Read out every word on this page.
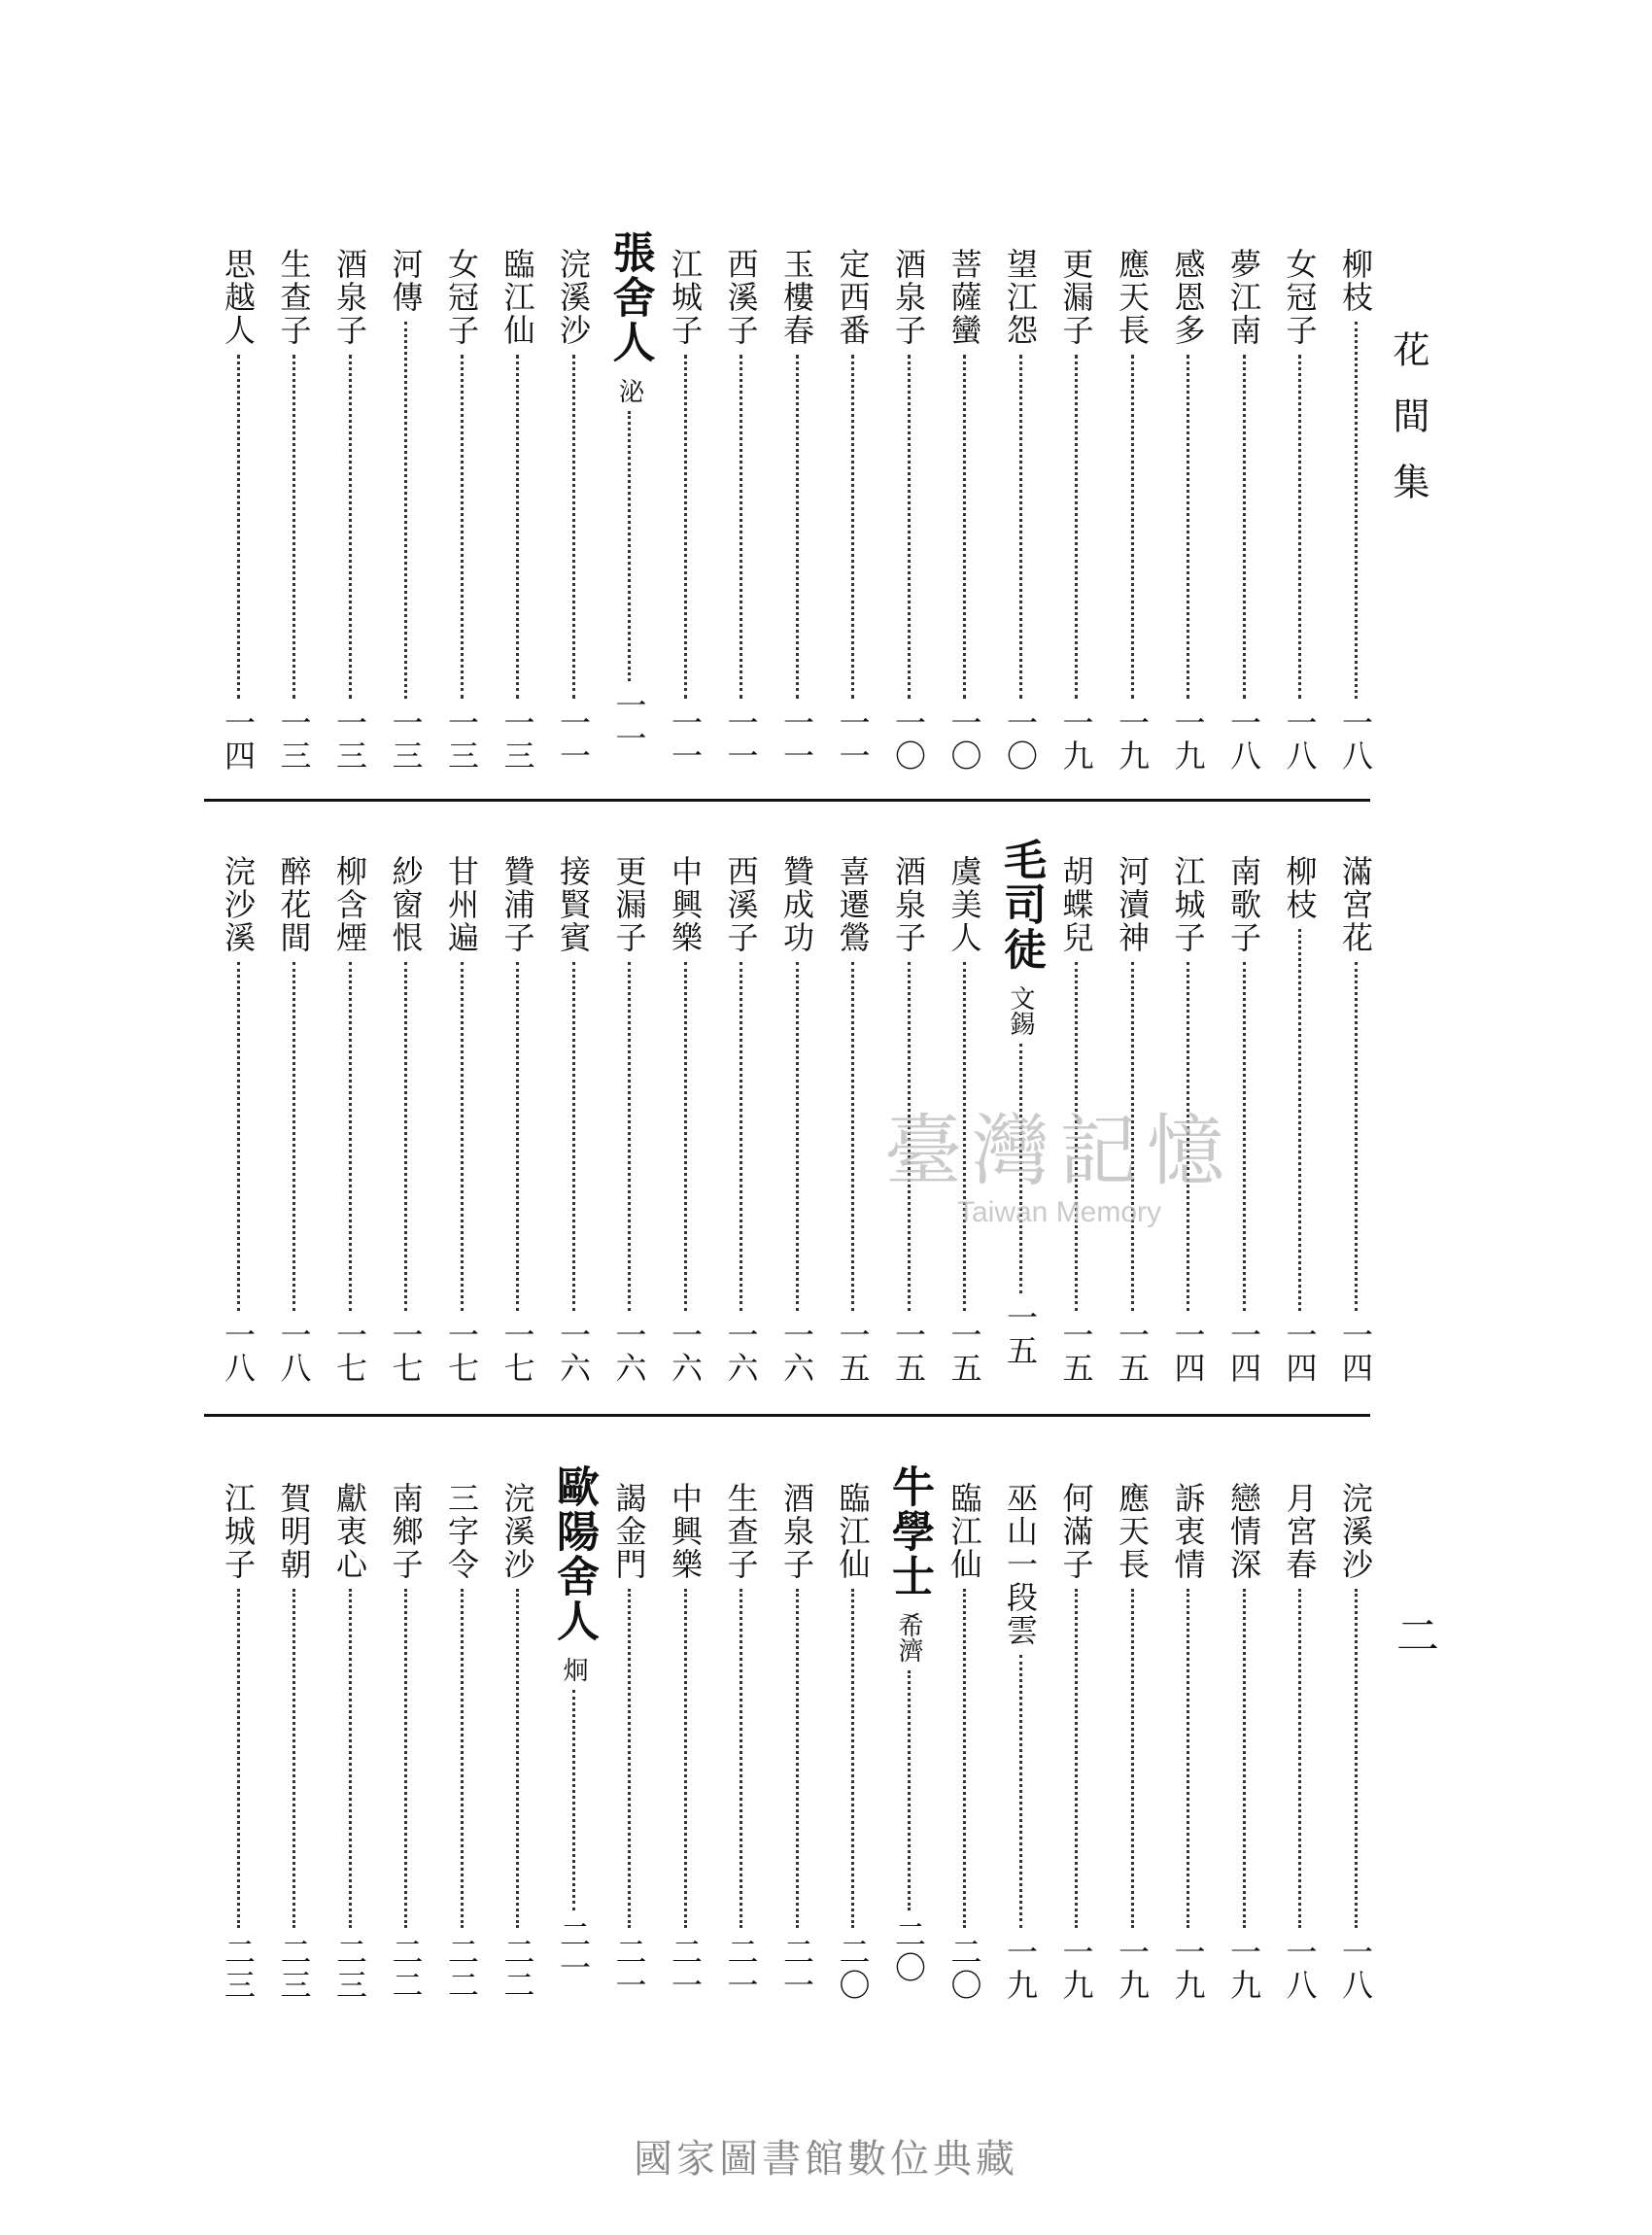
花間集
二
柳枝
一八
女冠子
一八
夢江南
一八
感恩多
一九
應天長
一九
更漏子
一九
望江怨
一〇
菩薩蠻
一〇
酒泉子
一〇
定西番
一一
玉樓春
一一
西溪子
一一
江城子
一一
張舍人
泌
一一
浣溪沙
一一
臨江仙
一三
女冠子
一三
河傳
一三
酒泉子
一三
生查子
一三
思越人
一四
滿宮花
一四
柳枝
一四
南歌子
一四
江城子
一四
河瀆神
一五
胡蝶兒
一五
毛司徒
文錫
一五
虞美人
一五
酒泉子
一五
喜遷鶯
一五
贊成功
一六
西溪子
一六
中興樂
一六
更漏子
一六
接賢賓
一六
贊浦子
一七
甘州遍
一七
紗窗恨
一七
柳含煙
一七
醉花間
一八
浣沙溪
一八
浣溪沙
一八
月宮春
一八
戀情深
一九
訴衷情
一九
應天長
一九
何滿子
一九
巫山一段雲
一九
臨江仙
二〇
牛學士
希濟
二〇
臨江仙
二〇
酒泉子
二一
生查子
二一
中興樂
二一
謁金門
二一
歐陽舍人
炯
二一
浣溪沙
二二
三字令
二二
南鄉子
二二
獻衷心
二三
賀明朝
二三
江城子
二三
臺灣記憶
Taiwan Memory
國家圖書館數位典藏
